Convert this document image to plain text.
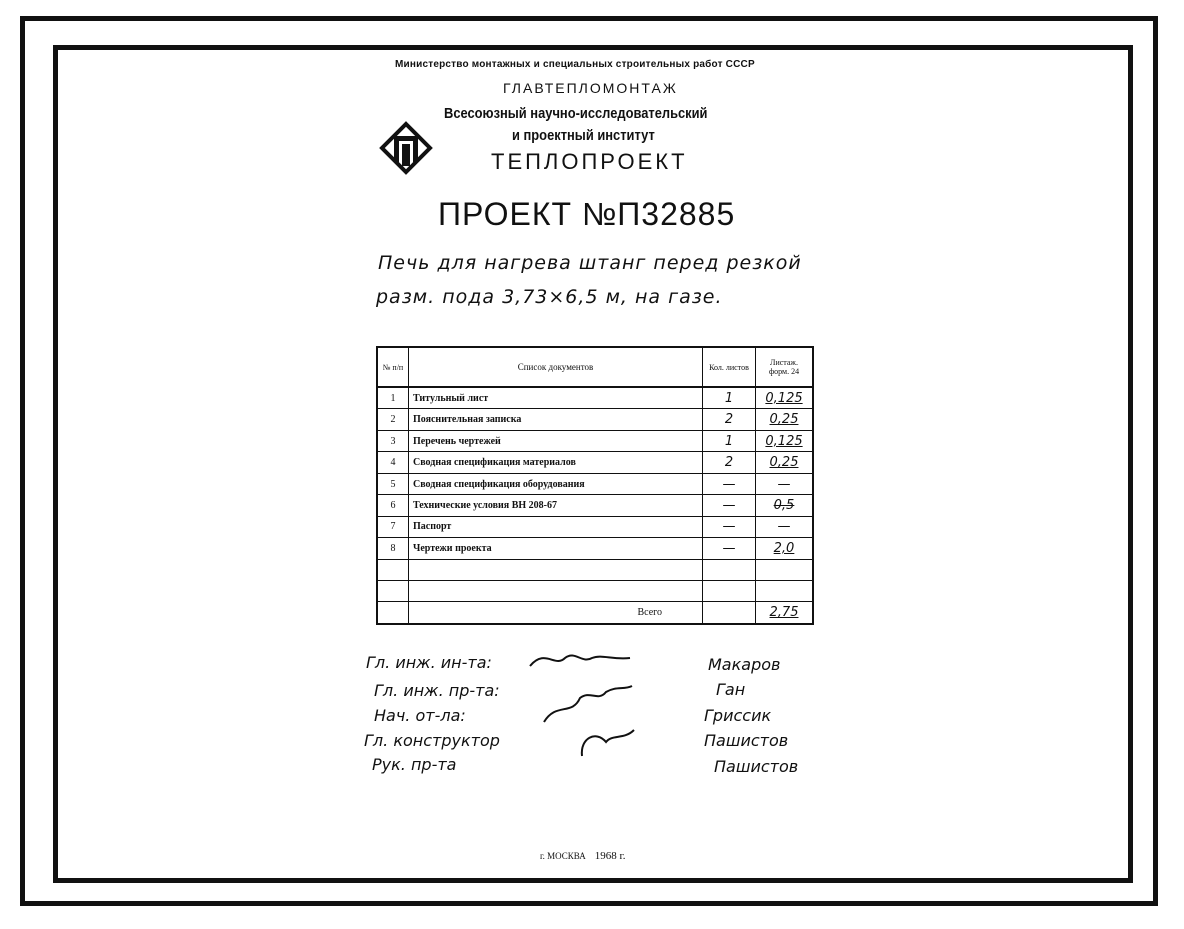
Министерство монтажных и специальных строительных работ СССР
ГЛАВТЕПЛОМОНТАЖ
Всесоюзный научно-исследовательский
и проектный институт
ТЕПЛОПРОЕКТ
ПРОЕКТ №П32885
Печь для нагрева штанг перед резкой
разм. пода 3,73×6,5 м, на газе.
№ п/п	Список документов	Кол. листов	Листаж. форм. 24
1	Титульный лист	1	0,125
2	Пояснительная записка	2	0,25
3	Перечень чертежей	1	0,125
4	Сводная спецификация материалов	2	0,25
5	Сводная спецификация оборудования	—	—
6	Технические условия ВН 208-67	—	0,5
7	Паспорт	—	—
8	Чертежи проекта	—	2,0

	Всего		2,75
Гл. инж. ин-та:	Макаров
Гл. инж. пр-та:	Ган
Нач. от-ла:	Гриссик
Гл. конструктор	Пашистов
Рук. пр-та	Пашистов
г. МОСКВА 1968 г.
